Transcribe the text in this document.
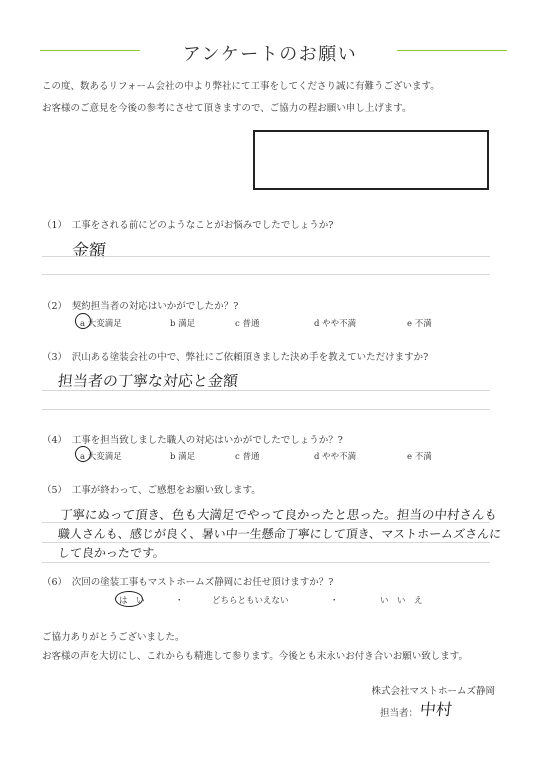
アンケートのお願い
この度、数あるリフォーム会社の中より弊社にて工事をしてくださり誠に有難うございます。
お客様のご意見を今後の参考にさせて頂きますので、ご協力の程お願い申し上げます。
（1）　工事をされる前にどのようなことがお悩みでしたでしょうか?
金額
（2）　契約担当者の対応はいかがでしたか？?
a 大変満足	b 満足	c 普通	d やや不満	e 不満
（3）　沢山ある塗装会社の中で、弊社にご依頼頂きました決め手を教えていただけますか?
担当者の丁寧な対応と金額
（4）　工事を担当致しました職人の対応はいかがでしたでしょうか？?
a 大変満足	b 満足	c 普通	d やや不満	e 不満
（5）　工事が終わって、ご感想をお願い致します。
丁寧にぬって頂き、色も大満足でやって良かったと思った。担当の中村さんも
職人さんも、感じが良く、暑い中一生懸命丁寧にして頂き、マストホームズさんに
して良かったです。
（6）　次回の塗装工事もマストホームズ静岡にお任せ頂けますか？?
は　い	・	どちらともいえない	・	い　い　え
ご協力ありがとうございました。
お客様の声を大切にし、これからも精進して参ります。今後とも末永いお付き合いお願い致します。
株式会社マストホームズ静岡
担当者： 中村
